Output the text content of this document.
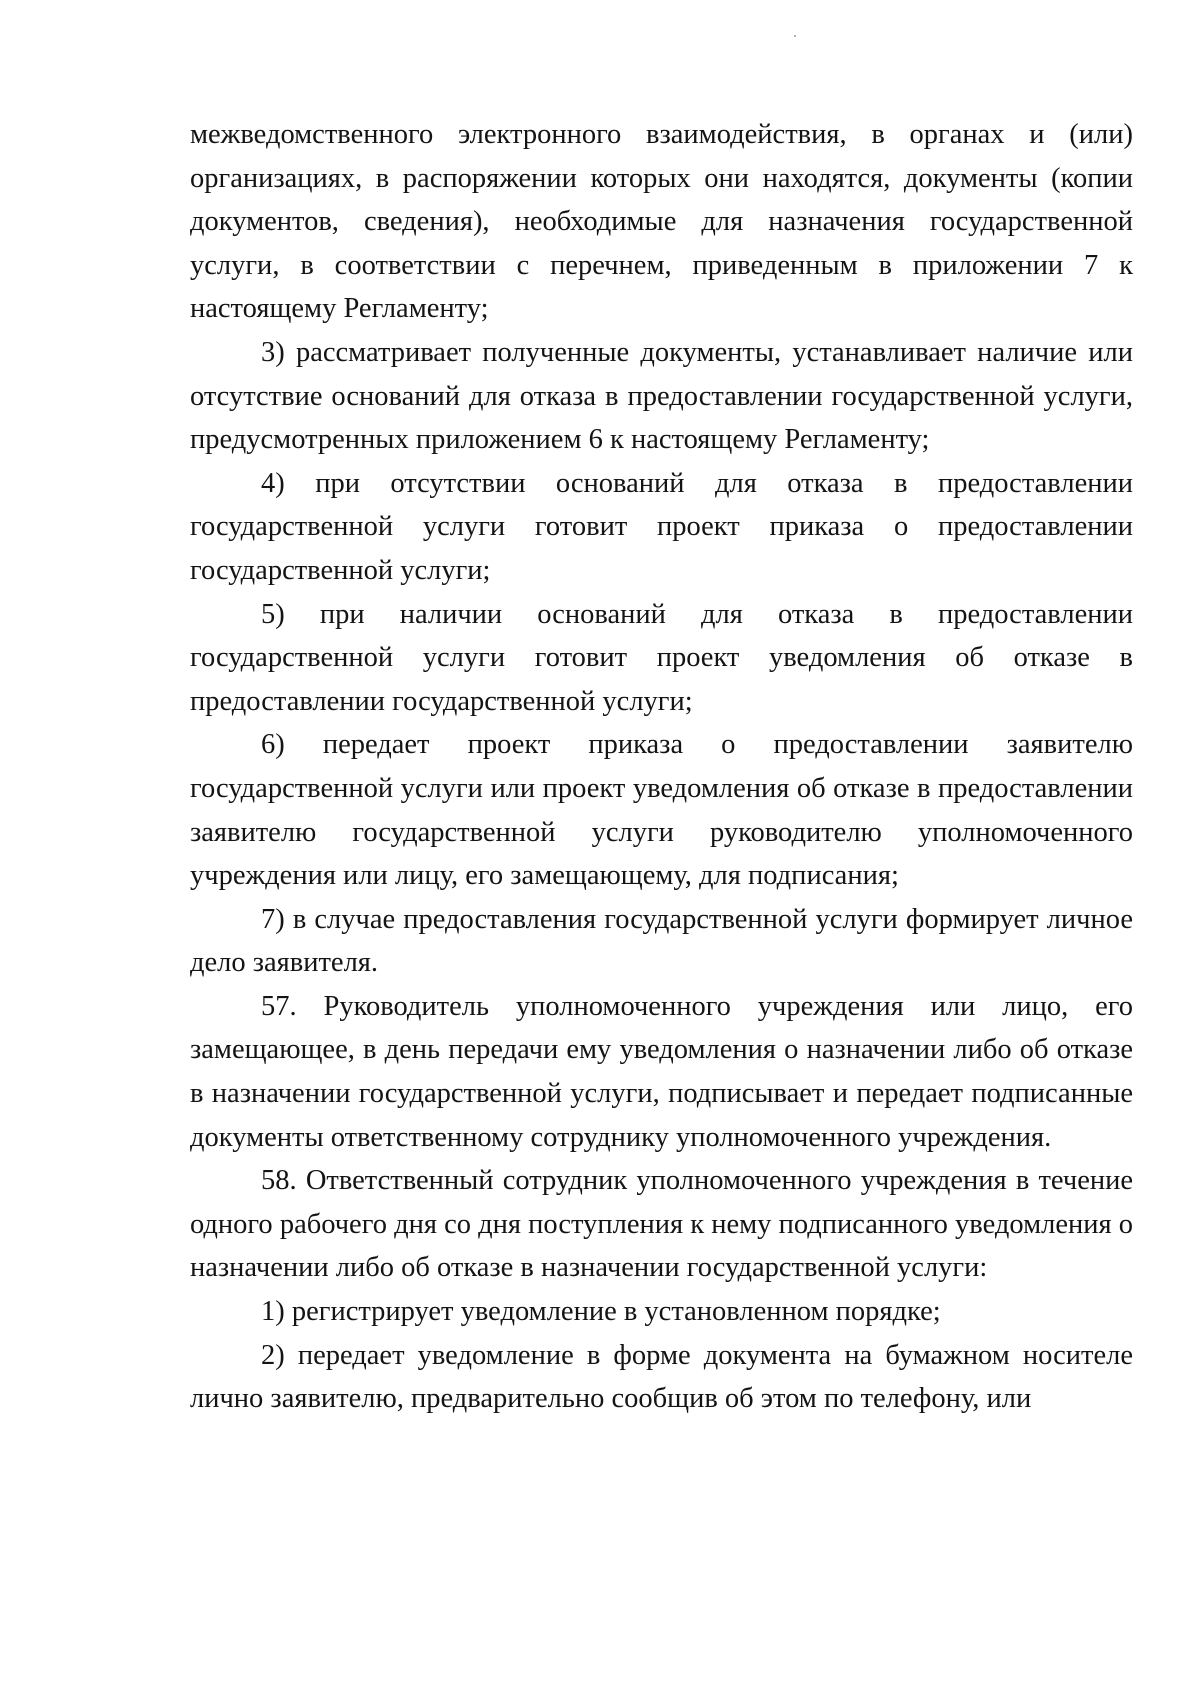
межведомственного электронного взаимодействия, в органах и (или) организациях, в распоряжении которых они находятся, документы (копии документов, сведения), необходимые для назначения государственной услуги, в соответствии с перечнем, приведенным в приложении 7 к настоящему Регламенту;

3) рассматривает полученные документы, устанавливает наличие или отсутствие оснований для отказа в предоставлении государственной услуги, предусмотренных приложением 6 к настоящему Регламенту;

4) при отсутствии оснований для отказа в предоставлении государственной услуги готовит проект приказа о предоставлении государственной услуги;

5) при наличии оснований для отказа в предоставлении государственной услуги готовит проект уведомления об отказе в предоставлении государственной услуги;

6) передает проект приказа о предоставлении заявителю государственной услуги или проект уведомления об отказе в предоставлении заявителю государственной услуги руководителю уполномоченного учреждения или лицу, его замещающему, для подписания;

7) в случае предоставления государственной услуги формирует личное дело заявителя.

57. Руководитель уполномоченного учреждения или лицо, его замещающее, в день передачи ему уведомления о назначении либо об отказе в назначении государственной услуги, подписывает и передает подписанные документы ответственному сотруднику уполномоченного учреждения.

58. Ответственный сотрудник уполномоченного учреждения в течение одного рабочего дня со дня поступления к нему подписанного уведомления о назначении либо об отказе в назначении государственной услуги:

1) регистрирует уведомление в установленном порядке;

2) передает уведомление в форме документа на бумажном носителе лично заявителю, предварительно сообщив об этом по телефону, или
